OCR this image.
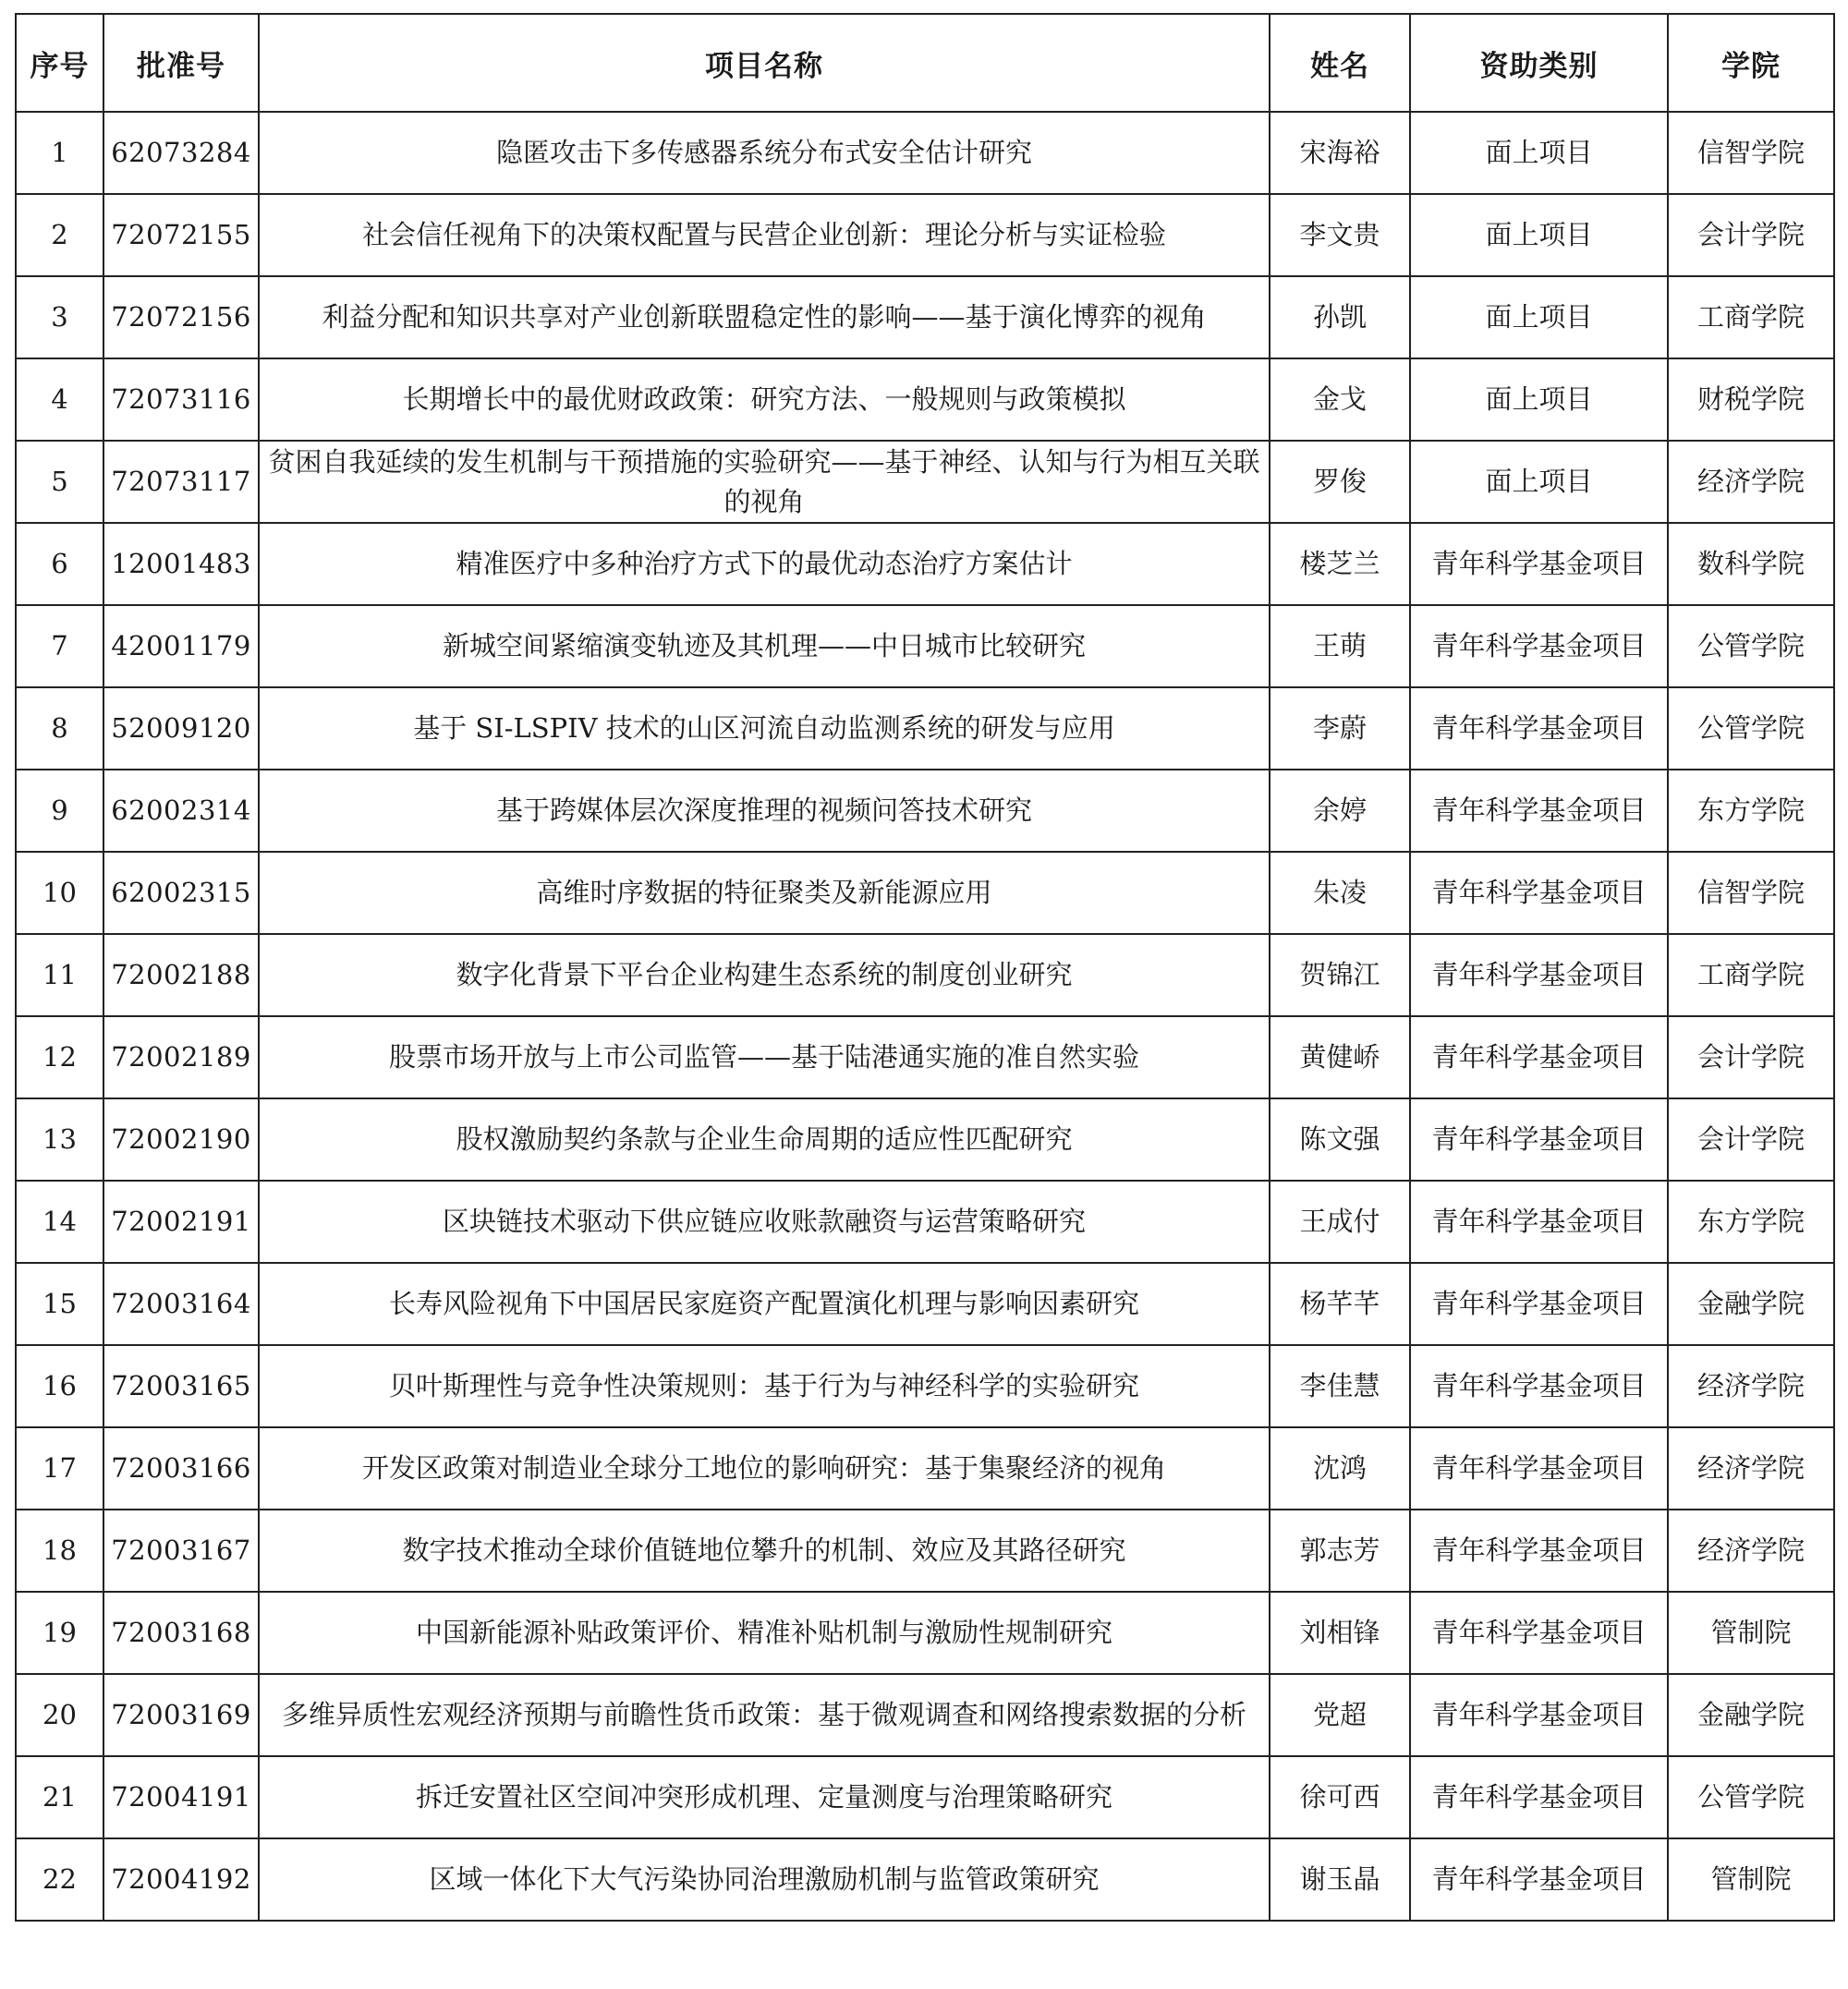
序号	批准号	项目名称	姓名	资助类别	学院
1	62073284	隐匿攻击下多传感器系统分布式安全估计研究	宋海裕	面上项目	信智学院
2	72072155	社会信任视角下的决策权配置与民营企业创新：理论分析与实证检验	李文贵	面上项目	会计学院
3	72072156	利益分配和知识共享对产业创新联盟稳定性的影响——基于演化博弈的视角	孙凯	面上项目	工商学院
4	72073116	长期增长中的最优财政政策：研究方法、一般规则与政策模拟	金戈	面上项目	财税学院
5	72073117	贫困自我延续的发生机制与干预措施的实验研究——基于神经、认知与行为相互关联的视角	罗俊	面上项目	经济学院
6	12001483	精准医疗中多种治疗方式下的最优动态治疗方案估计	楼芝兰	青年科学基金项目	数科学院
7	42001179	新城空间紧缩演变轨迹及其机理——中日城市比较研究	王萌	青年科学基金项目	公管学院
8	52009120	基于 SI-LSPIV 技术的山区河流自动监测系统的研发与应用	李蔚	青年科学基金项目	公管学院
9	62002314	基于跨媒体层次深度推理的视频问答技术研究	余婷	青年科学基金项目	东方学院
10	62002315	高维时序数据的特征聚类及新能源应用	朱凌	青年科学基金项目	信智学院
11	72002188	数字化背景下平台企业构建生态系统的制度创业研究	贺锦江	青年科学基金项目	工商学院
12	72002189	股票市场开放与上市公司监管——基于陆港通实施的准自然实验	黄健峤	青年科学基金项目	会计学院
13	72002190	股权激励契约条款与企业生命周期的适应性匹配研究	陈文强	青年科学基金项目	会计学院
14	72002191	区块链技术驱动下供应链应收账款融资与运营策略研究	王成付	青年科学基金项目	东方学院
15	72003164	长寿风险视角下中国居民家庭资产配置演化机理与影响因素研究	杨芊芊	青年科学基金项目	金融学院
16	72003165	贝叶斯理性与竞争性决策规则：基于行为与神经科学的实验研究	李佳慧	青年科学基金项目	经济学院
17	72003166	开发区政策对制造业全球分工地位的影响研究：基于集聚经济的视角	沈鸿	青年科学基金项目	经济学院
18	72003167	数字技术推动全球价值链地位攀升的机制、效应及其路径研究	郭志芳	青年科学基金项目	经济学院
19	72003168	中国新能源补贴政策评价、精准补贴机制与激励性规制研究	刘相锋	青年科学基金项目	管制院
20	72003169	多维异质性宏观经济预期与前瞻性货币政策：基于微观调查和网络搜索数据的分析	党超	青年科学基金项目	金融学院
21	72004191	拆迁安置社区空间冲突形成机理、定量测度与治理策略研究	徐可西	青年科学基金项目	公管学院
22	72004192	区域一体化下大气污染协同治理激励机制与监管政策研究	谢玉晶	青年科学基金项目	管制院
